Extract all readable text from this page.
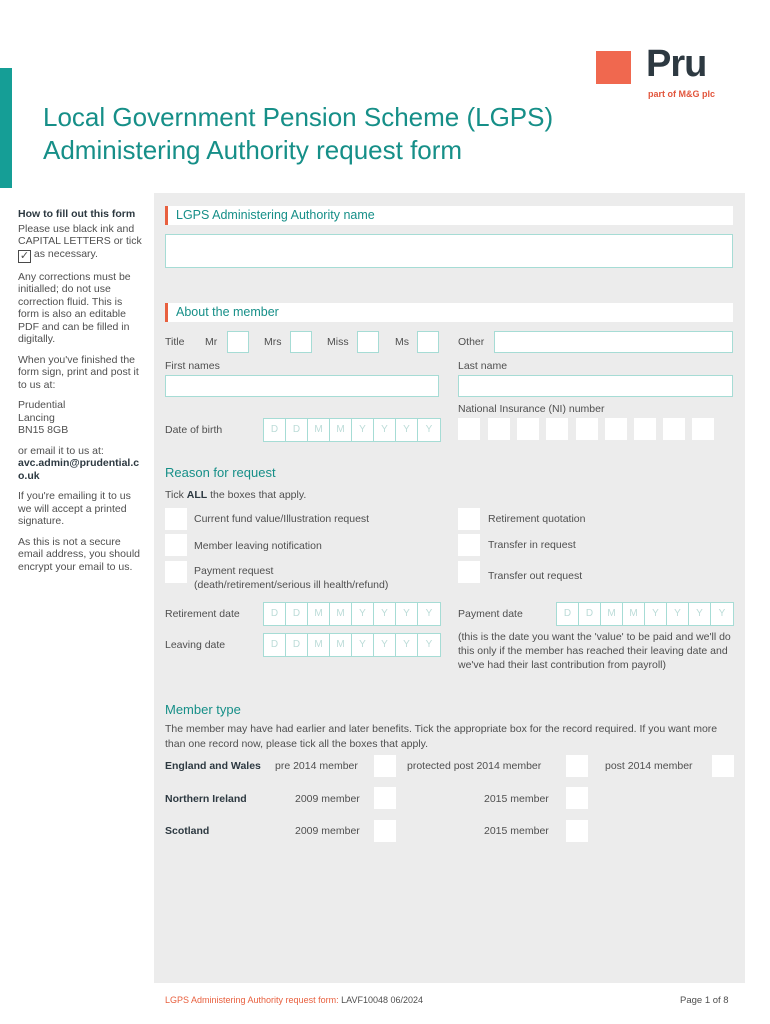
Pru
part of M&G plc
Local Government Pension Scheme (LGPS)
Administering Authority request form

How to fill out this form

Please use black ink and CAPITAL LETTERS or tick ✓ as necessary.

Any corrections must be initialled; do not use correction fluid. This is form is also an editable PDF and can be filled in digitally.

When you've finished the form sign, print and post it to us at:

Prudential
Lancing
BN15 8GB

or email it to us at:
avc.admin@prudential.co.uk

If you're emailing it to us we will accept a printed signature.

As this is not a secure email address, you should encrypt your email to us.

LGPS Administering Authority name
About the member
Title Mr	Mrs	Miss	Ms	Other
First names	Last name
National Insurance (NI) number
Date of birth	D	D	M	M	Y	Y	Y	Y
Reason for request
Tick ALL the boxes that apply.
Current fund value/Illustration request
Member leaving notification
Payment request
(death/retirement/serious ill health/refund)
Retirement quotation
Transfer in request
Transfer out request
Retirement date	D	D	M	M	Y	Y	Y	Y	Payment date	D	D	M	M	Y	Y	Y	Y
Leaving date	D	D	M	M	Y	Y	Y	Y
(this is the date you want the 'value' to be paid and we'll do this only if the member has reached their leaving date and we've had their last contribution from payroll)
Member type
The member may have had earlier and later benefits. Tick the appropriate box for the record required. If you want more than one record now, please tick all the boxes that apply.
England and Wales pre 2014 member	protected post 2014 member	post 2014 member
Northern Ireland	2009 member	2015 member
Scotland	2009 member	2015 member
LGPS Administering Authority request form: LAVF10048 06/2024	Page 1 of 8
